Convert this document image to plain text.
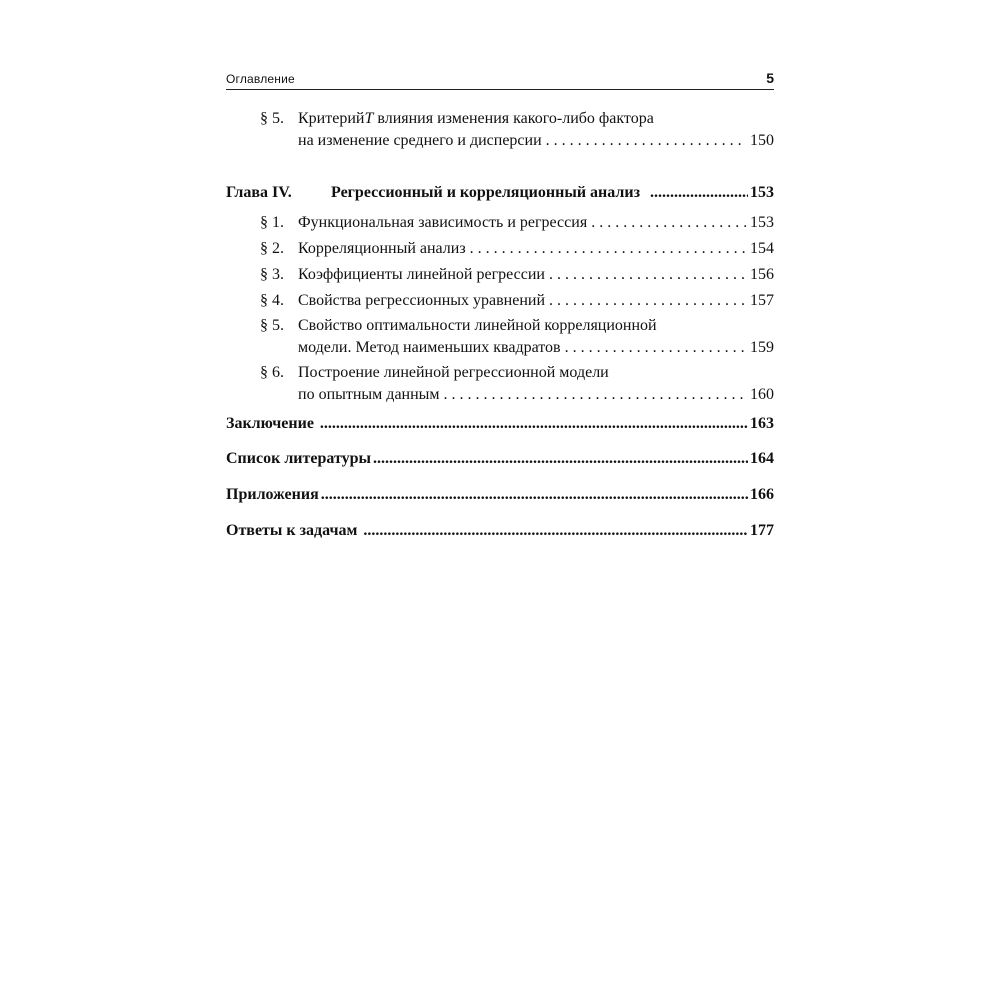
Оглавление	5
§ 5. Критерий T влияния изменения какого-либо фактора
на изменение среднего и дисперсии . . .	150
Глава IV. Регрессионный и корреляционный анализ .....	153
§ 1. Функциональная зависимость и регрессия . . .	153
§ 2. Корреляционный анализ . . .	154
§ 3. Коэффициенты линейной регрессии . . .	156
§ 4. Свойства регрессионных уравнений . . .	157
§ 5. Свойство оптимальности линейной корреляционной
модели. Метод наименьших квадратов . . .	159
§ 6. Построение линейной регрессионной модели
по опытным данным . . .	160
Заключение .....	163
Список литературы .....	164
Приложения .....	166
Ответы к задачам .....	177
